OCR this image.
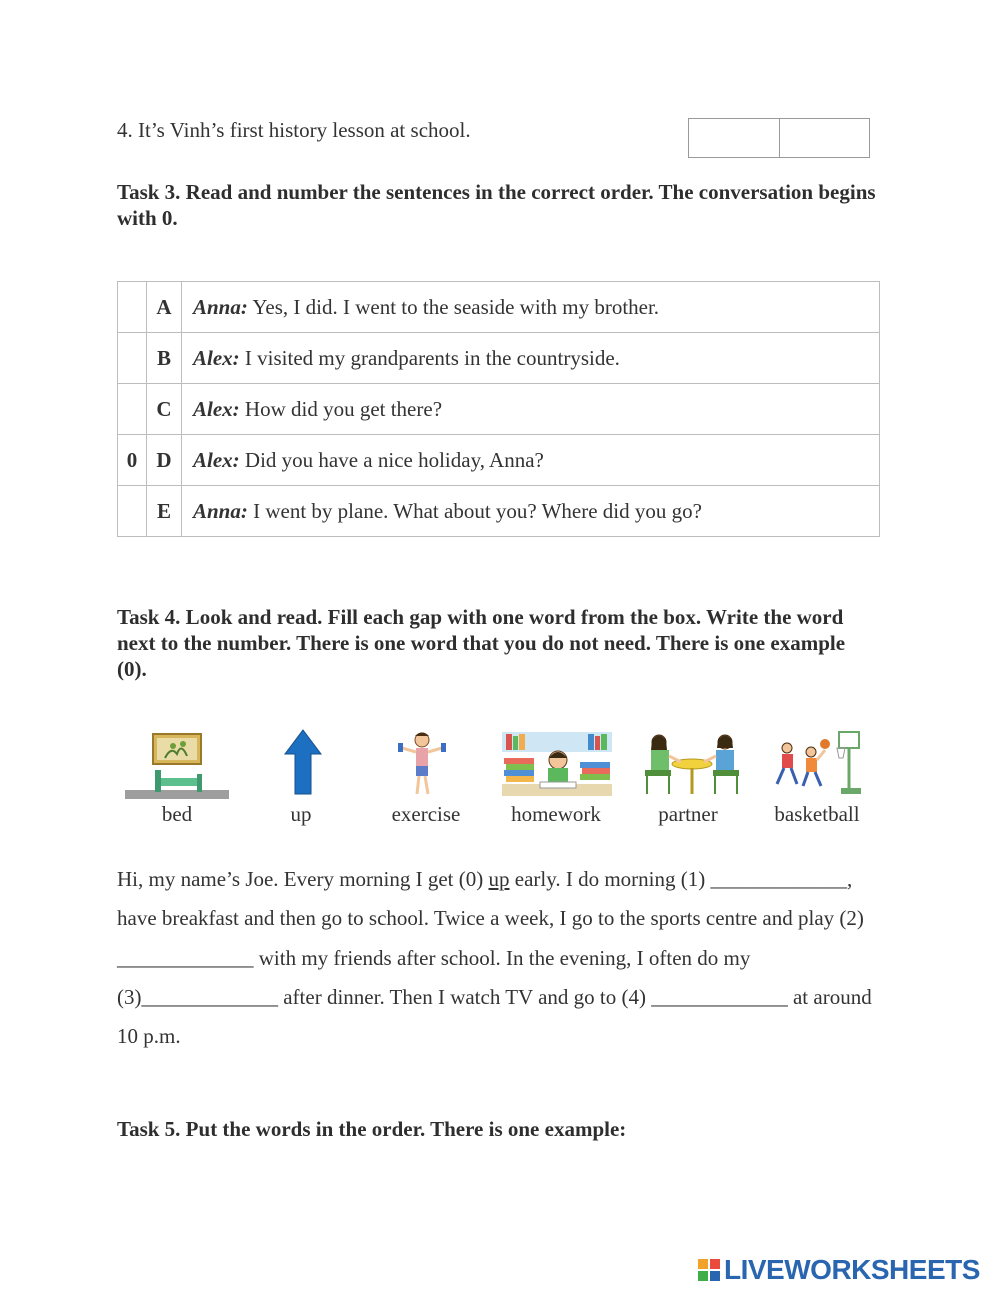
4. It’s Vinh’s first history lesson at school.
Task 3. Read and number the sentences in the correct order. The conversation begins with 0.
	A	Anna: Yes, I did. I went to the seaside with my brother.
	B	Alex: I visited my grandparents in the countryside.
	C	Alex: How did you get there?
0	D	Alex: Did you have a nice holiday, Anna?
	E	Anna: I went by plane. What about you? Where did you go?
Task 4. Look and read. Fill each gap with one word from the box. Write the word next to the number. There is one word that you do not need. There is one example (0).
bed	up	exercise	homework	partner	basketball
Hi, my name’s Joe. Every morning I get (0) up early. I do morning (1) _____________, have breakfast and then go to school. Twice a week, I go to the sports centre and play (2) _____________ with my friends after school. In the evening, I often do my (3)_____________ after dinner. Then I watch TV and go to (4) _____________ at around 10 p.m.
Task 5. Put the words in the order. There is one example:
LIVEWORKSHEETS
